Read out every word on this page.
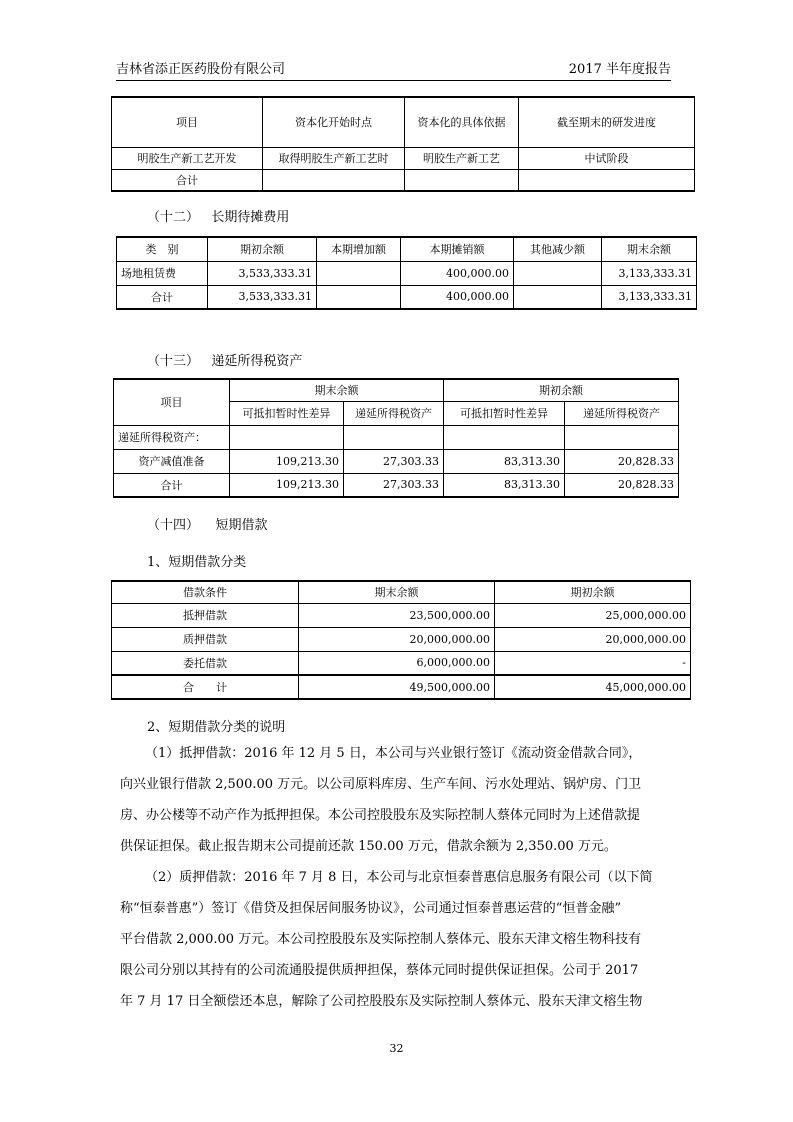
吉林省添正医药股份有限公司	2017 半年度报告
项目	资本化开始时点	资本化的具体依据	截至期末的研发进度
明胶生产新工艺开发	取得明胶生产新工艺时	明胶生产新工艺	中试阶段
合计			
（十二） 长期待摊费用
类　别	期初余额	本期增加额	本期摊销额	其他减少额	期末余额
场地租赁费	3,533,333.31		400,000.00		3,133,333.31
合计	3,533,333.31		400,000.00		3,133,333.31
（十三） 递延所得税资产
项目	期末余额		期初余额	
	可抵扣暂时性差异	递延所得税资产	可抵扣暂时性差异	递延所得税资产
递延所得税资产：				
资产减值准备	109,213.30	27,303.33	83,313.30	20,828.33
合计	109,213.30	27,303.33	83,313.30	20,828.33
（十四） 短期借款
1、短期借款分类
借款条件	期末余额	期初余额
抵押借款	23,500,000.00	25,000,000.00
质押借款	20,000,000.00	20,000,000.00
委托借款	6,000,000.00	-
合　　计	49,500,000.00	45,000,000.00
2、短期借款分类的说明
（1）抵押借款：2016 年 12 月 5 日，本公司与兴业银行签订《流动资金借款合同》，
向兴业银行借款 2,500.00 万元。以公司原料库房、生产车间、污水处理站、锅炉房、门卫
房、办公楼等不动产作为抵押担保。本公司控股股东及实际控制人蔡体元同时为上述借款提
供保证担保。截止报告期末公司提前还款 150.00 万元，借款余额为 2,350.00 万元。
（2）质押借款：2016 年 7 月 8 日，本公司与北京恒泰普惠信息服务有限公司（以下简
称“恒泰普惠”）签订《借贷及担保居间服务协议》，公司通过恒泰普惠运营的“恒普金融”
平台借款 2,000.00 万元。本公司控股股东及实际控制人蔡体元、股东天津文榕生物科技有
限公司分别以其持有的公司流通股提供质押担保，蔡体元同时提供保证担保。公司于 2017
年 7 月 17 日全额偿还本息，解除了公司控股股东及实际控制人蔡体元、股东天津文榕生物
32
